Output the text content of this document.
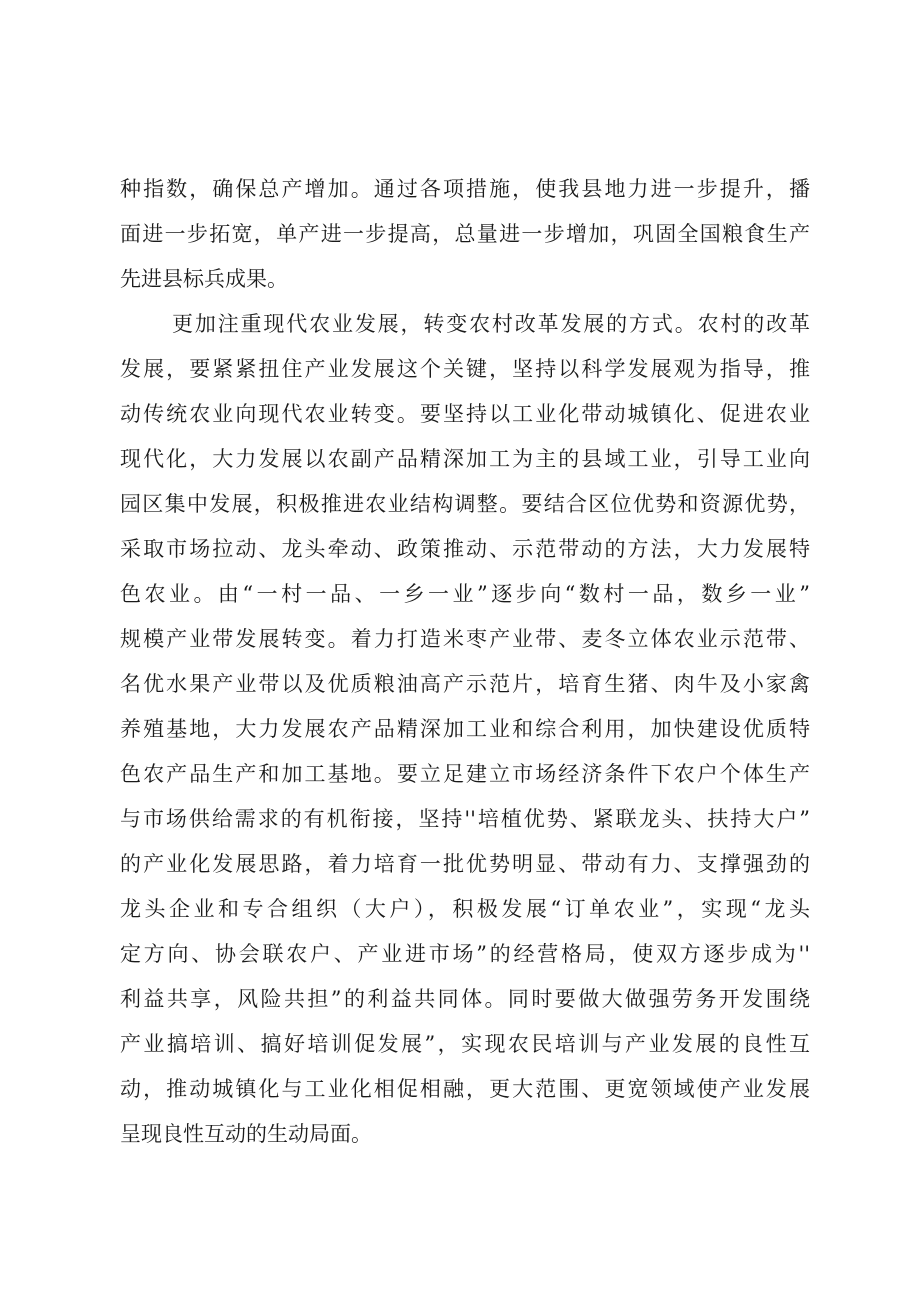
种指数，确保总产增加。通过各项措施，使我县地力进一步提升，播
面进一步拓宽，单产进一步提高，总量进一步增加，巩固全国粮食生产
先进县标兵成果。
更加注重现代农业发展，转变农村改革发展的方式。农村的改革
发展，要紧紧扭住产业发展这个关键，坚持以科学发展观为指导，推
动传统农业向现代农业转变。要坚持以工业化带动城镇化、促进农业
现代化，大力发展以农副产品精深加工为主的县域工业，引导工业向
园区集中发展，积极推进农业结构调整。要结合区位优势和资源优势，
采取市场拉动、龙头牵动、政策推动、示范带动的方法，大力发展特
色农业。由“一村一品、一乡一业”逐步向“数村一品，数乡一业”
规模产业带发展转变。着力打造米枣产业带、麦冬立体农业示范带、
名优水果产业带以及优质粮油高产示范片，培育生猪、肉牛及小家禽
养殖基地，大力发展农产品精深加工业和综合利用，加快建设优质特
色农产品生产和加工基地。要立足建立市场经济条件下农户个体生产
与市场供给需求的有机衔接，坚持''培植优势、紧联龙头、扶持大户”
的产业化发展思路，着力培育一批优势明显、带动有力、支撑强劲的
龙头企业和专合组织（大户），积极发展“订单农业”，实现“龙头
定方向、协会联农户、产业进市场”的经营格局，使双方逐步成为''
利益共享，风险共担”的利益共同体。同时要做大做强劳务开发围绕
产业搞培训、搞好培训促发展”，实现农民培训与产业发展的良性互
动，推动城镇化与工业化相促相融，更大范围、更宽领域使产业发展
呈现良性互动的生动局面。
